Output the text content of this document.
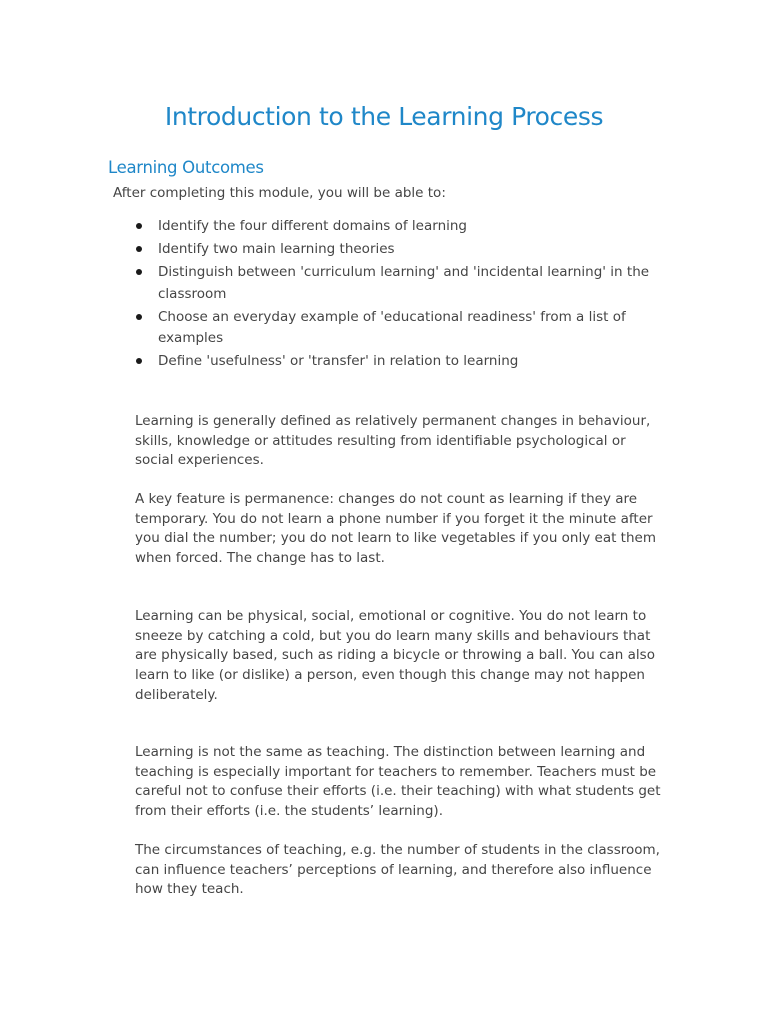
Introduction to the Learning Process
Learning Outcomes

After completing this module, you will be able to:

Identify the four different domains of learning
Identify two main learning theories
Distinguish between 'curriculum learning' and 'incidental learning' in the classroom
Choose an everyday example of 'educational readiness' from a list of examples
Define 'usefulness' or 'transfer' in relation to learning

Learning is generally defined as relatively permanent changes in behaviour, skills, knowledge or attitudes resulting from identifiable psychological or social experiences.

A key feature is permanence: changes do not count as learning if they are temporary. You do not learn a phone number if you forget it the minute after you dial the number; you do not learn to like vegetables if you only eat them when forced. The change has to last.

Learning can be physical, social, emotional or cognitive. You do not learn to sneeze by catching a cold, but you do learn many skills and behaviours that are physically based, such as riding a bicycle or throwing a ball. You can also learn to like (or dislike) a person, even though this change may not happen deliberately.

Learning is not the same as teaching. The distinction between learning and teaching is especially important for teachers to remember. Teachers must be careful not to confuse their efforts (i.e. their teaching) with what students get from their efforts (i.e. the students’ learning).

The circumstances of teaching, e.g. the number of students in the classroom, can influence teachers’ perceptions of learning, and therefore also influence how they teach.
